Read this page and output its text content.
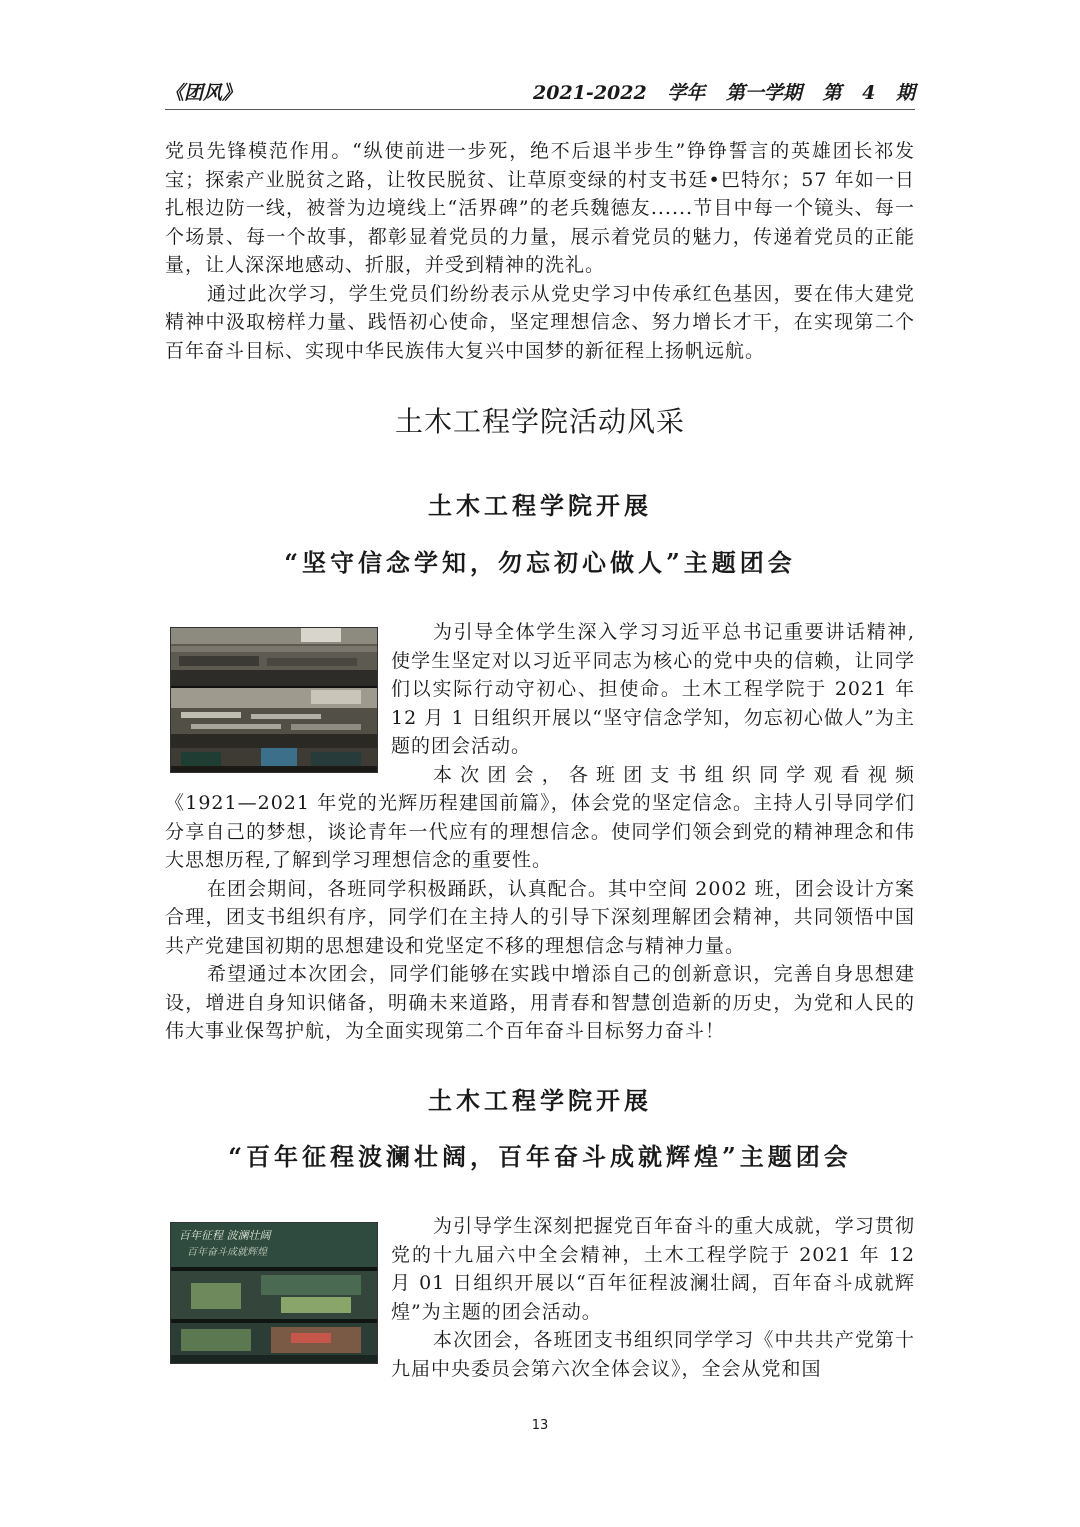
《团风》	2021-2022 学年 第一学期 第 4 期

党员先锋模范作用。“纵使前进一步死，绝不后退半步生”铮铮誓言的英雄团长祁发宝；探索产业脱贫之路，让牧民脱贫、让草原变绿的村支书廷•巴特尔；57 年如一日扎根边防一线，被誉为边境线上“活界碑”的老兵魏德友......节目中每一个镜头、每一个场景、每一个故事，都彰显着党员的力量，展示着党员的魅力，传递着党员的正能量，让人深深地感动、折服，并受到精神的洗礼。

通过此次学习，学生党员们纷纷表示从党史学习中传承红色基因，要在伟大建党精神中汲取榜样力量、践悟初心使命，坚定理想信念、努力增长才干，在实现第二个百年奋斗目标、实现中华民族伟大复兴中国梦的新征程上扬帆远航。

土木工程学院活动风采
土木工程学院开展
“坚守信念学知，勿忘初心做人”主题团会

为引导全体学生深入学习习近平总书记重要讲话精神,使学生坚定对以习近平同志为核心的党中央的信赖，让同学们以实际行动守初心、担使命。土木工程学院于 2021 年 12 月 1 日组织开展以“坚守信念学知，勿忘初心做人”为主题的团会活动。

本次团会，各班团支书组织同学观看视频

《1921—2021 年党的光辉历程建国前篇》，体会党的坚定信念。主持人引导同学们分享自己的梦想，谈论青年一代应有的理想信念。使同学们领会到党的精神理念和伟大思想历程,了解到学习理想信念的重要性。

在团会期间，各班同学积极踊跃，认真配合。其中空间 2002 班，团会设计方案合理，团支书组织有序，同学们在主持人的引导下深刻理解团会精神，共同领悟中国共产党建国初期的思想建设和党坚定不移的理想信念与精神力量。

希望通过本次团会，同学们能够在实践中增添自己的创新意识，完善自身思想建设，增进自身知识储备，明确未来道路，用青春和智慧创造新的历史，为党和人民的伟大事业保驾护航，为全面实现第二个百年奋斗目标努力奋斗！

土木工程学院开展
“百年征程波澜壮阔，百年奋斗成就辉煌”主题团会
百年征程 波澜壮阔
百年奋斗成就辉煌

为引导学生深刻把握党百年奋斗的重大成就，学习贯彻党的十九届六中全会精神，土木工程学院于 2021 年 12 月 01 日组织开展以“百年征程波澜壮阔，百年奋斗成就辉煌”为主题的团会活动。

本次团会，各班团支书组织同学学习《中共共产党第十九届中央委员会第六次全体会议》，全会从党和国

13
